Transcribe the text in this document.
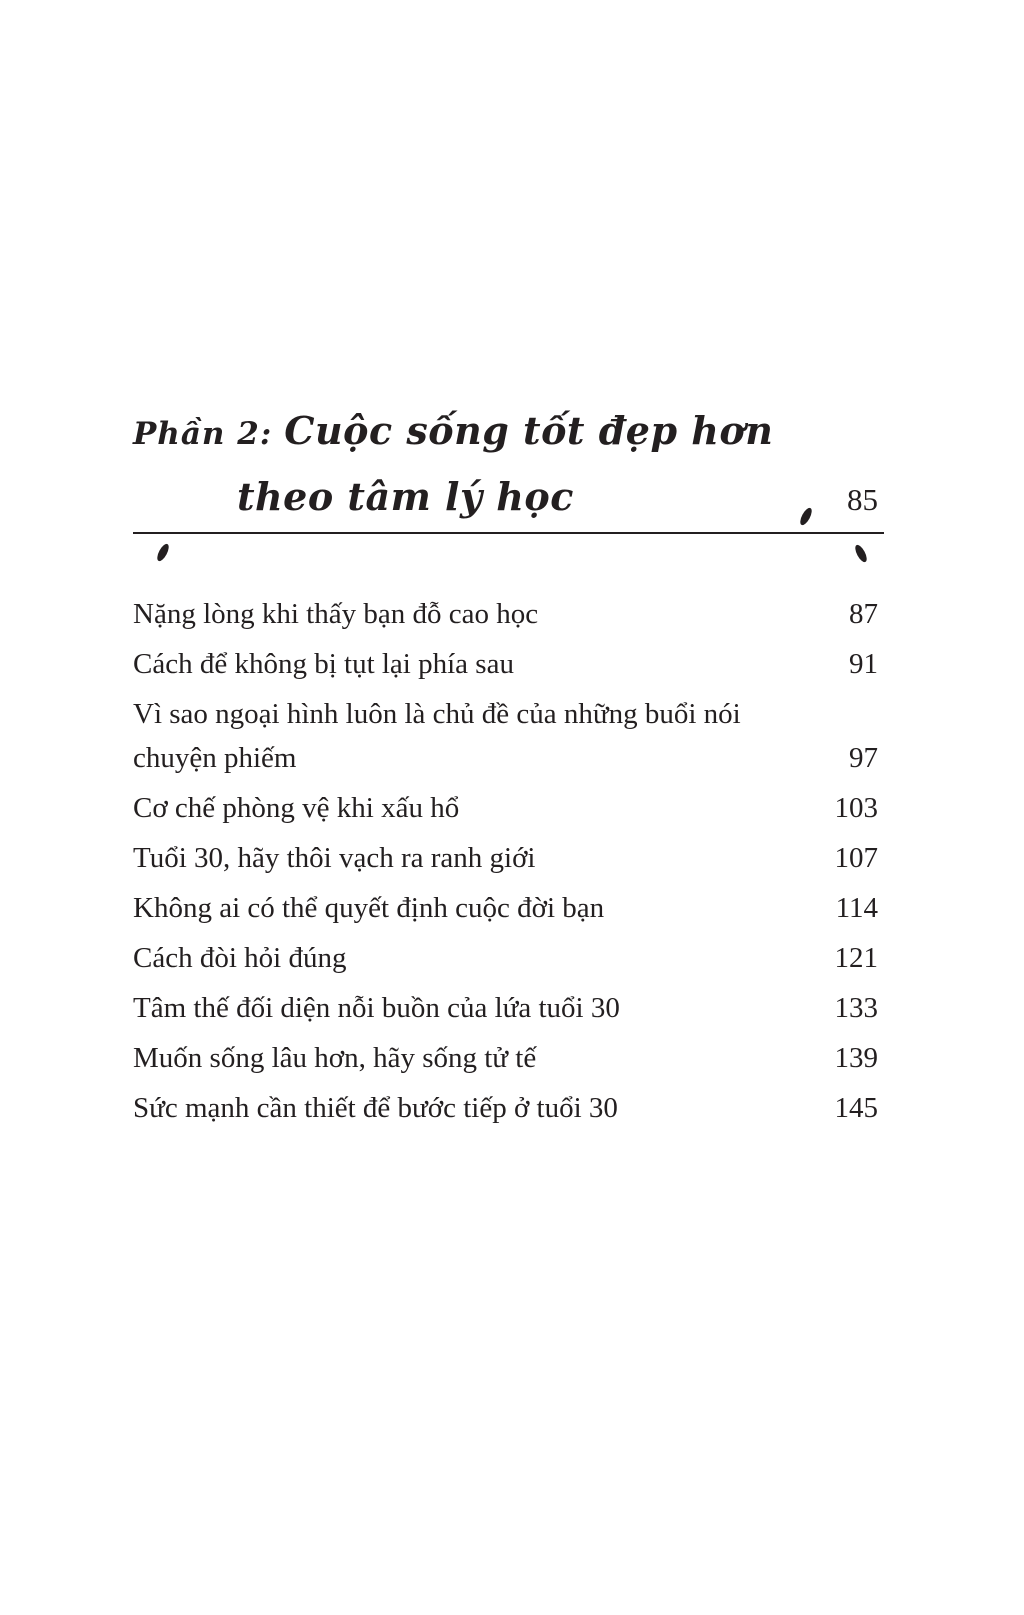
Phần 2: Cuộc sống tốt đẹp hơn
theo tâm lý học	85
Nặng lòng khi thấy bạn đỗ cao học	87
Cách để không bị tụt lại phía sau	91
Vì sao ngoại hình luôn là chủ đề của những buổi nói chuyện phiếm	97
Cơ chế phòng vệ khi xấu hổ	103
Tuổi 30, hãy thôi vạch ra ranh giới	107
Không ai có thể quyết định cuộc đời bạn	114
Cách đòi hỏi đúng	121
Tâm thế đối diện nỗi buồn của lứa tuổi 30	133
Muốn sống lâu hơn, hãy sống tử tế	139
Sức mạnh cần thiết để bước tiếp ở tuổi 30	145
